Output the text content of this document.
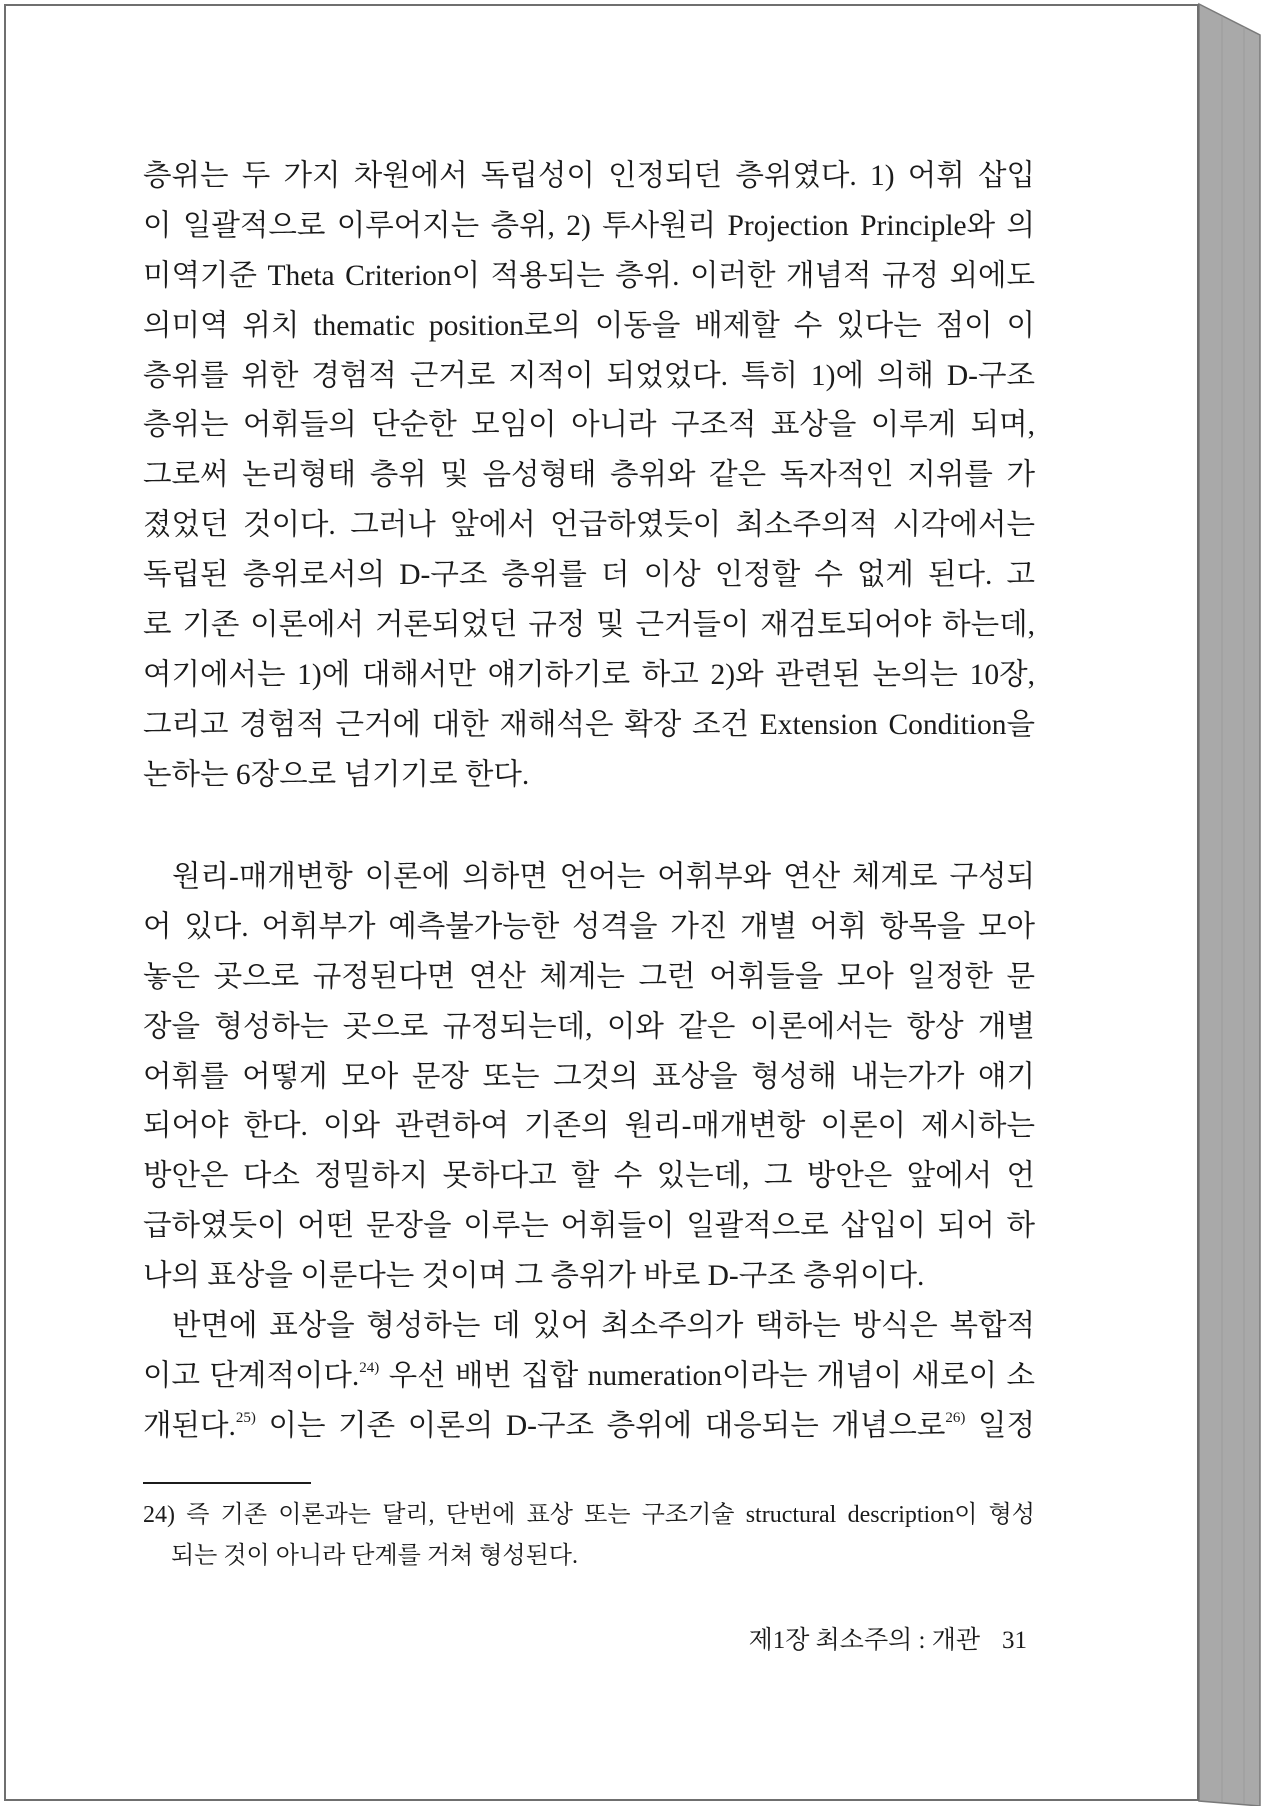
층위는 두 가지 차원에서 독립성이 인정되던 층위였다. 1) 어휘 삽입
이 일괄적으로 이루어지는 층위, 2) 투사원리 Projection Principle와 의
미역기준 Theta Criterion이 적용되는 층위. 이러한 개념적 규정 외에도
의미역 위치 thematic position로의 이동을 배제할 수 있다는 점이 이
층위를 위한 경험적 근거로 지적이 되었었다. 특히 1)에 의해 D-구조
층위는 어휘들의 단순한 모임이 아니라 구조적 표상을 이루게 되며,
그로써 논리형태 층위 및 음성형태 층위와 같은 독자적인 지위를 가
졌었던 것이다. 그러나 앞에서 언급하였듯이 최소주의적 시각에서는
독립된 층위로서의 D-구조 층위를 더 이상 인정할 수 없게 된다. 고
로 기존 이론에서 거론되었던 규정 및 근거들이 재검토되어야 하는데,
여기에서는 1)에 대해서만 얘기하기로 하고 2)와 관련된 논의는 10장,
그리고 경험적 근거에 대한 재해석은 확장 조건 Extension Condition을
논하는 6장으로 넘기기로 한다.
원리-매개변항 이론에 의하면 언어는 어휘부와 연산 체계로 구성되
어 있다. 어휘부가 예측불가능한 성격을 가진 개별 어휘 항목을 모아
놓은 곳으로 규정된다면 연산 체계는 그런 어휘들을 모아 일정한 문
장을 형성하는 곳으로 규정되는데, 이와 같은 이론에서는 항상 개별
어휘를 어떻게 모아 문장 또는 그것의 표상을 형성해 내는가가 얘기
되어야 한다. 이와 관련하여 기존의 원리-매개변항 이론이 제시하는
방안은 다소 정밀하지 못하다고 할 수 있는데, 그 방안은 앞에서 언
급하였듯이 어떤 문장을 이루는 어휘들이 일괄적으로 삽입이 되어 하
나의 표상을 이룬다는 것이며 그 층위가 바로 D-구조 층위이다.
반면에 표상을 형성하는 데 있어 최소주의가 택하는 방식은 복합적
이고 단계적이다.$^{24)}$ 우선 배번 집합 numeration이라는 개념이 새로이 소
개된다.$^{25)}$ 이는 기존 이론의 D-구조 층위에 대응되는 개념으로$^{26)}$ 일정
24) 즉 기존 이론과는 달리, 단번에 표상 또는 구조기술 structural description이 형성
되는 것이 아니라 단계를 거쳐 형성된다.
제1장 최소주의 : 개관 31
